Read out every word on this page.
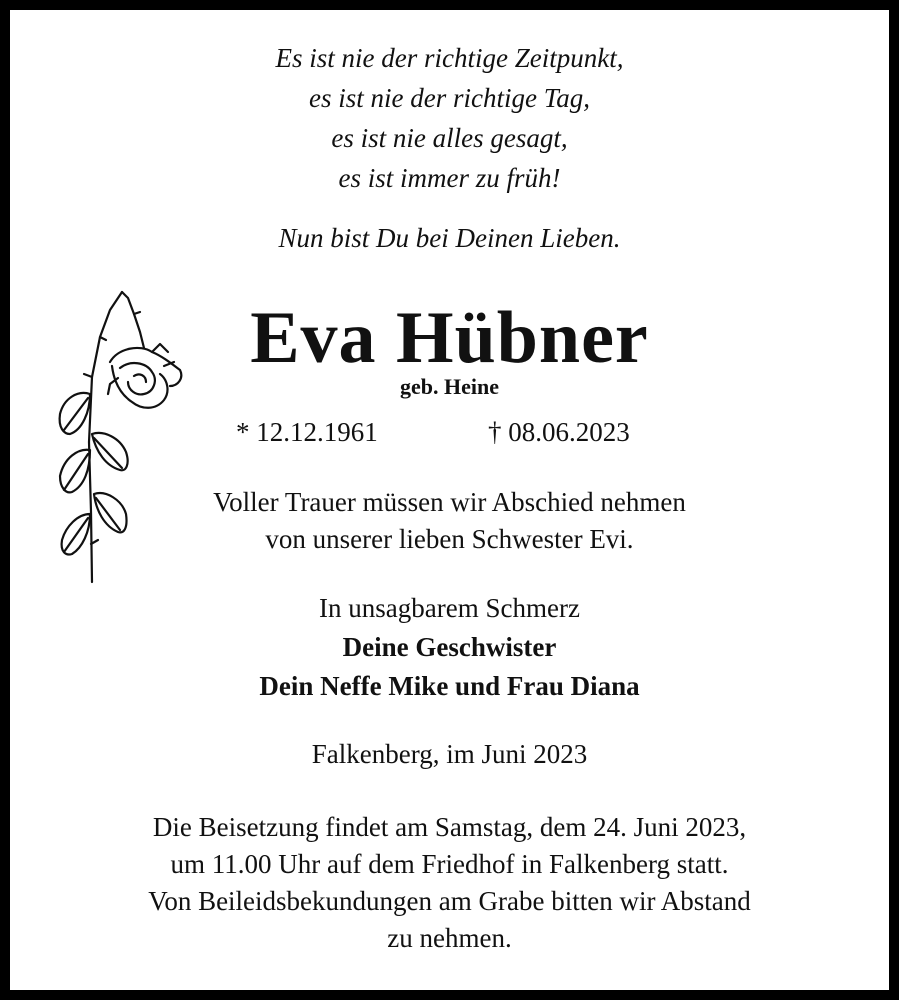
Es ist nie der richtige Zeitpunkt,
es ist nie der richtige Tag,
es ist nie alles gesagt,
es ist immer zu früh!
Nun bist Du bei Deinen Lieben.
Eva Hübner
geb. Heine
* 12.12.1961	† 08.06.2023
Voller Trauer müssen wir Abschied nehmen
von unserer lieben Schwester Evi.
In unsagbarem Schmerz
Deine Geschwister
Dein Neffe Mike und Frau Diana
Falkenberg, im Juni 2023
Die Beisetzung findet am Samstag, dem 24. Juni 2023,
um 11.00 Uhr auf dem Friedhof in Falkenberg statt.
Von Beileidsbekundungen am Grabe bitten wir Abstand
zu nehmen.
